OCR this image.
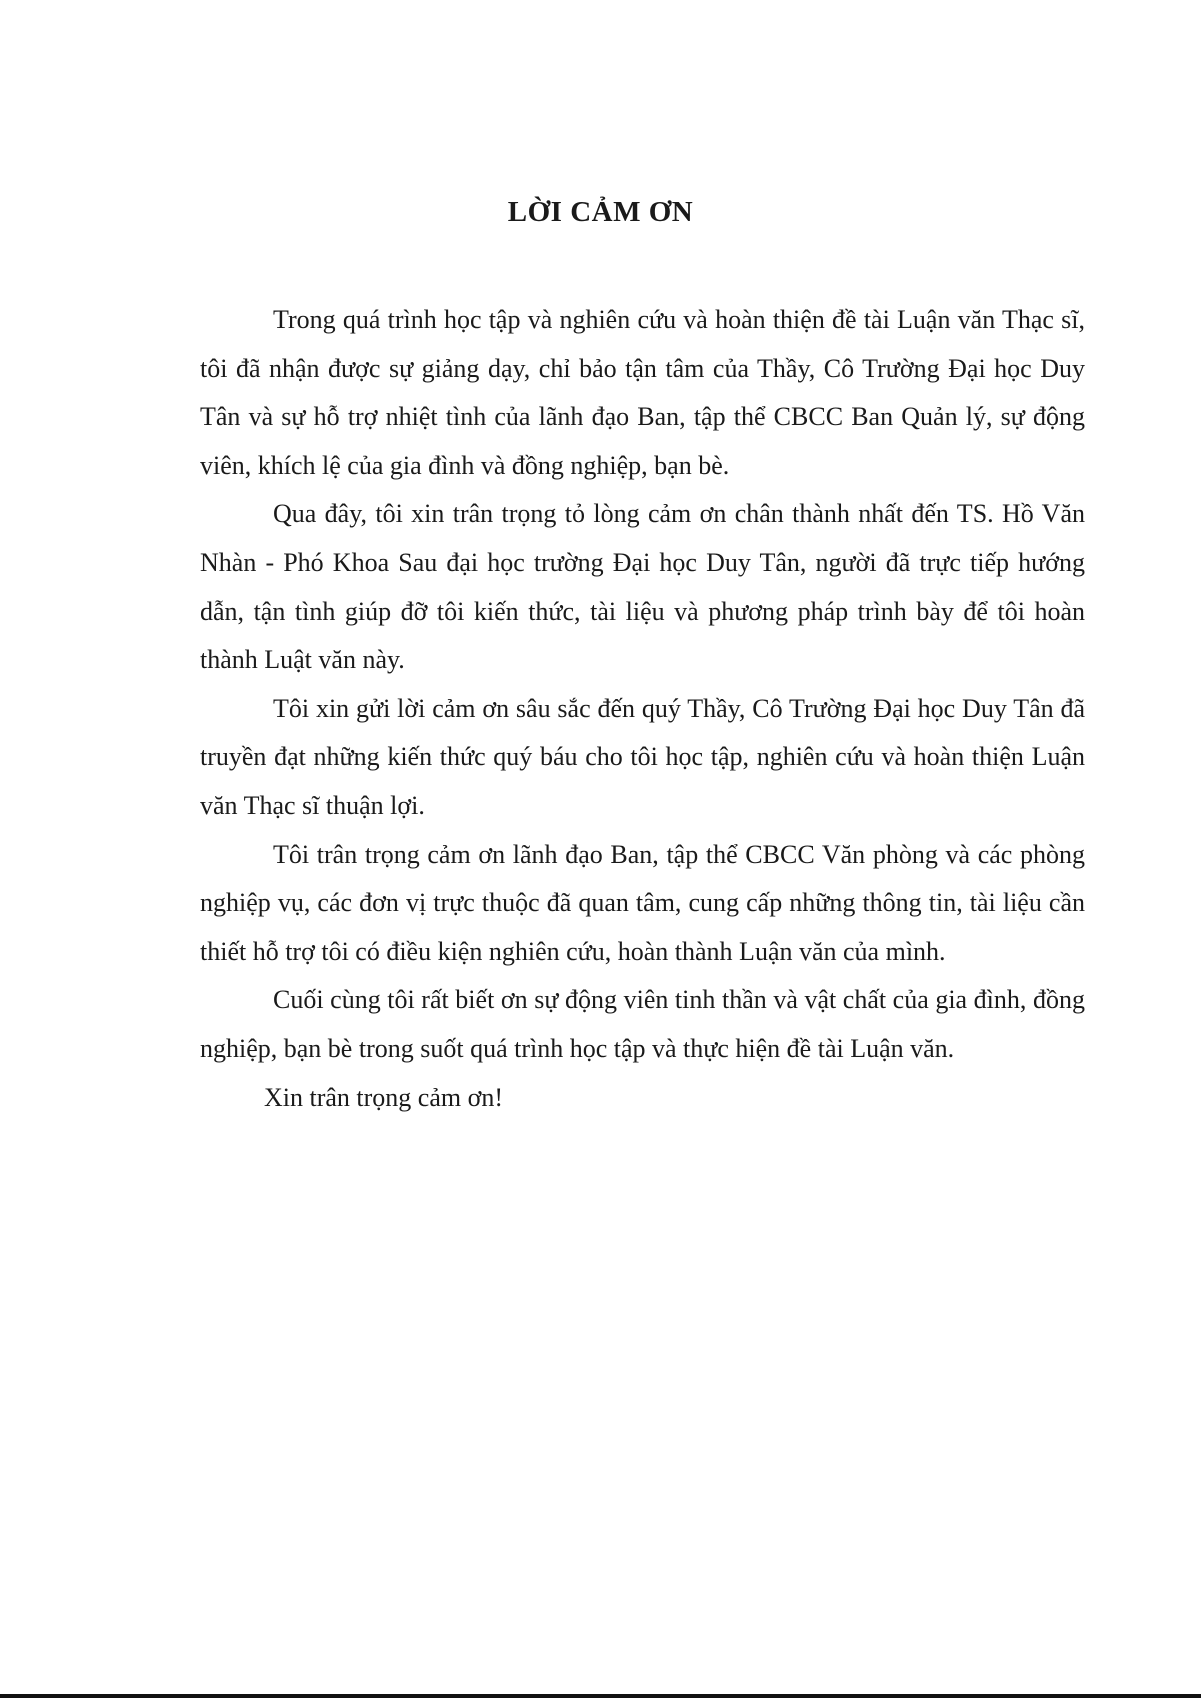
LỜI CẢM ƠN

Trong quá trình học tập và nghiên cứu và hoàn thiện đề tài Luận văn Thạc sĩ, tôi đã nhận được sự giảng dạy, chỉ bảo tận tâm của Thầy, Cô Trường Đại học Duy Tân và sự hỗ trợ nhiệt tình của lãnh đạo Ban, tập thể CBCC Ban Quản lý, sự động viên, khích lệ của gia đình và đồng nghiệp, bạn bè.

Qua đây, tôi xin trân trọng tỏ lòng cảm ơn chân thành nhất đến TS. Hồ Văn Nhàn - Phó Khoa Sau đại học trường Đại học Duy Tân, người đã trực tiếp hướng dẫn, tận tình giúp đỡ tôi kiến thức, tài liệu và phương pháp trình bày để tôi hoàn thành Luật văn này.

Tôi xin gửi lời cảm ơn sâu sắc đến quý Thầy, Cô Trường Đại học Duy Tân đã truyền đạt những kiến thức quý báu cho tôi học tập, nghiên cứu và hoàn thiện Luận văn Thạc sĩ thuận lợi.

Tôi trân trọng cảm ơn lãnh đạo Ban, tập thể CBCC Văn phòng và các phòng nghiệp vụ, các đơn vị trực thuộc đã quan tâm, cung cấp những thông tin, tài liệu cần thiết hỗ trợ tôi có điều kiện nghiên cứu, hoàn thành Luận văn của mình.

Cuối cùng tôi rất biết ơn sự động viên tinh thần và vật chất của gia đình, đồng nghiệp, bạn bè trong suốt quá trình học tập và thực hiện đề tài Luận văn.

Xin trân trọng cảm ơn!
